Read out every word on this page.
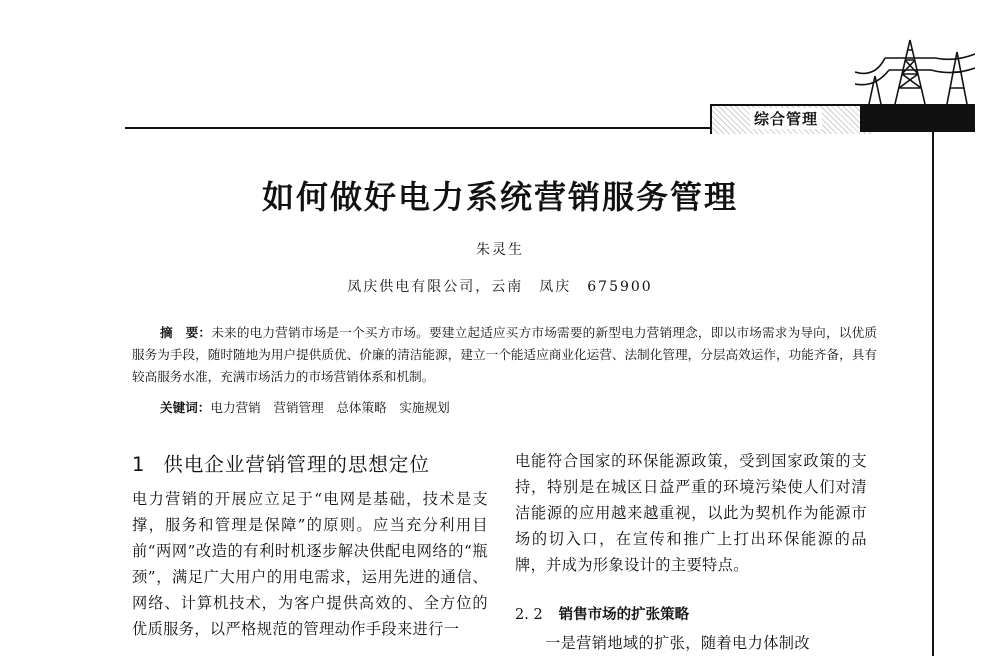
综合管理
如何做好电力系统营销服务管理
朱灵生
凤庆供电有限公司，云南　凤庆　675900
摘　要：未来的电力营销市场是一个买方市场。要建立起适应买方市场需要的新型电力营销理念，即以市场需求为导向，以优质服务为手段，随时随地为用户提供质优、价廉的清洁能源，建立一个能适应商业化运营、法制化管理，分层高效运作，功能齐备，具有较高服务水准，充满市场活力的市场营销体系和机制。
关键词：电力营销　营销管理　总体策略　实施规划
1 供电企业营销管理的思想定位
电力营销的开展应立足于“电网是基础，技术是支撑，服务和管理是保障”的原则。应当充分利用目前“两网”改造的有利时机逐步解决供配电网络的“瓶颈”，满足广大用户的用电需求，运用先进的通信、网络、计算机技术，为客户提供高效的、全方位的优质服务，以严格规范的管理动作手段来进行一
电能符合国家的环保能源政策，受到国家政策的支持，特别是在城区日益严重的环境污染使人们对清洁能源的应用越来越重视，以此为契机作为能源市场的切入口，在宣传和推广上打出环保能源的品牌，并成为形象设计的主要特点。
2. 2 销售市场的扩张策略
一是营销地域的扩张，随着电力体制改
